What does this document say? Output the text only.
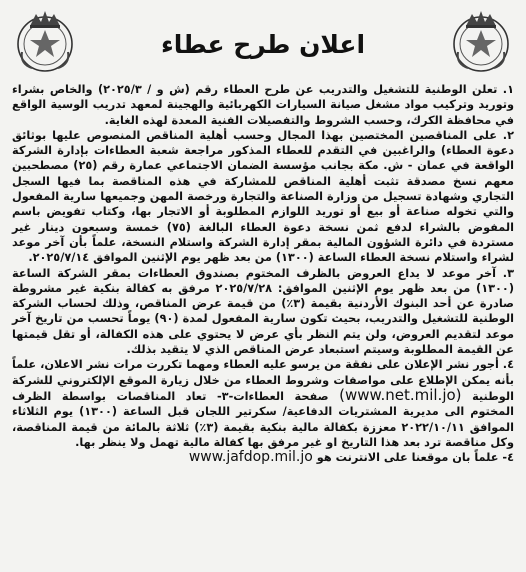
اعلان طرح عطاء

١. تعلن الوطنية للتشغيل والتدريب عن طرح العطاء رقم (ش و / ٢٠٢٥/٣) والخاص بشراء وتوريد وتركيب مواد مشغل صيانة السيارات الكهربائية والهجينة لمعهد تدريب الوسية الواقع في محافظة الكرك، وحسب الشروط والتفصيلات الفنية المعدة لهذه الغاية.

٢. على المناقصين المختصين بهذا المجال وحسب أهلية المناقص المنصوص عليها بوثائق دعوة العطاء) والراغبين في التقدم للعطاء المذكور مراجعة شعبة العطاءات بإدارة الشركة الواقعة في عمان - ش. مكة بجانب مؤسسة الضمان الاجتماعي عمارة رقم (٢٥) مصطحبين معهم نسخ مصدقة تثبت أهلية المناقص للمشاركة في هذه المناقصة بما فيها السجل التجاري وشهادة تسجيل من وزارة الصناعة والتجارة ورخصة المهن وجميعها سارية المفعول والتي تخوله صناعة أو بيع أو توريد اللوازم المطلوبة أو الاتجار بها، وكتاب تفويض باسم المفوض بالشراء لدفع ثمن نسخة دعوة العطاء البالغة (٧٥) خمسة وسبعون دينار غير مستردة في دائرة الشؤون المالية بمقر إدارة الشركة واستلام النسخة، علماً بأن آخر موعد لشراء واستلام نسخة العطاء الساعة (١٣٠٠) من بعد ظهر يوم الإثنين الموافق ٢٠٢٥/٧/١٤.

٣. آخر موعد لا يداع العروض بالظرف المختوم بصندوق العطاءات بمقر الشركة الساعة (١٣٠٠) من بعد ظهر يوم الإثنين الموافق: ٢٠٢٥/٧/٢٨ مرفق به كفالة بنكية غير مشروطة صادرة عن أحد البنوك الأردنية بقيمة (٣٪) من قيمة عرض المناقص، وذلك لحساب الشركة الوطنية للتشغيل والتدريب، بحيث تكون سارية المفعول لمدة (٩٠) يوماً تحسب من تاريخ آخر موعد لتقديم العروض، ولن يتم النظر بأي عرض لا يحتوي على هذه الكفالة، أو تقل قيمتها عن القيمة المطلوبة وسيتم استبعاد عرض المناقص الذي لا يتقيد بذلك.

٤. أجور نشر الإعلان على نفقة من يرسو عليه العطاء ومهما تكررت مرات نشر الاعلان، علماً بأنه يمكن الإطلاع على مواصفات وشروط العطاء من خلال زيارة الموقع الإلكتروني للشركة الوطنية (www.net.mil.jo) صفحة العطاءات-٣- تعاد المناقصات بواسطة الظرف المختوم الى مديرية المشتريات الدفاعية/ سكرتير اللجان قبل الساعة (١٣٠٠) يوم الثلاثاء الموافق ٢٠٢٢/١٠/١١ معززة بكفالة مالية بنكية بقيمة (٣٪) ثلاثة بالمائة من قيمة المناقصة، وكل مناقصة ترد بعد هذا التاريخ او غير مرفق بها كفالة مالية تهمل ولا ينظر بها.

٤- علماً بان موقعنا على الانترنت هو www.jafdop.mil.jo
